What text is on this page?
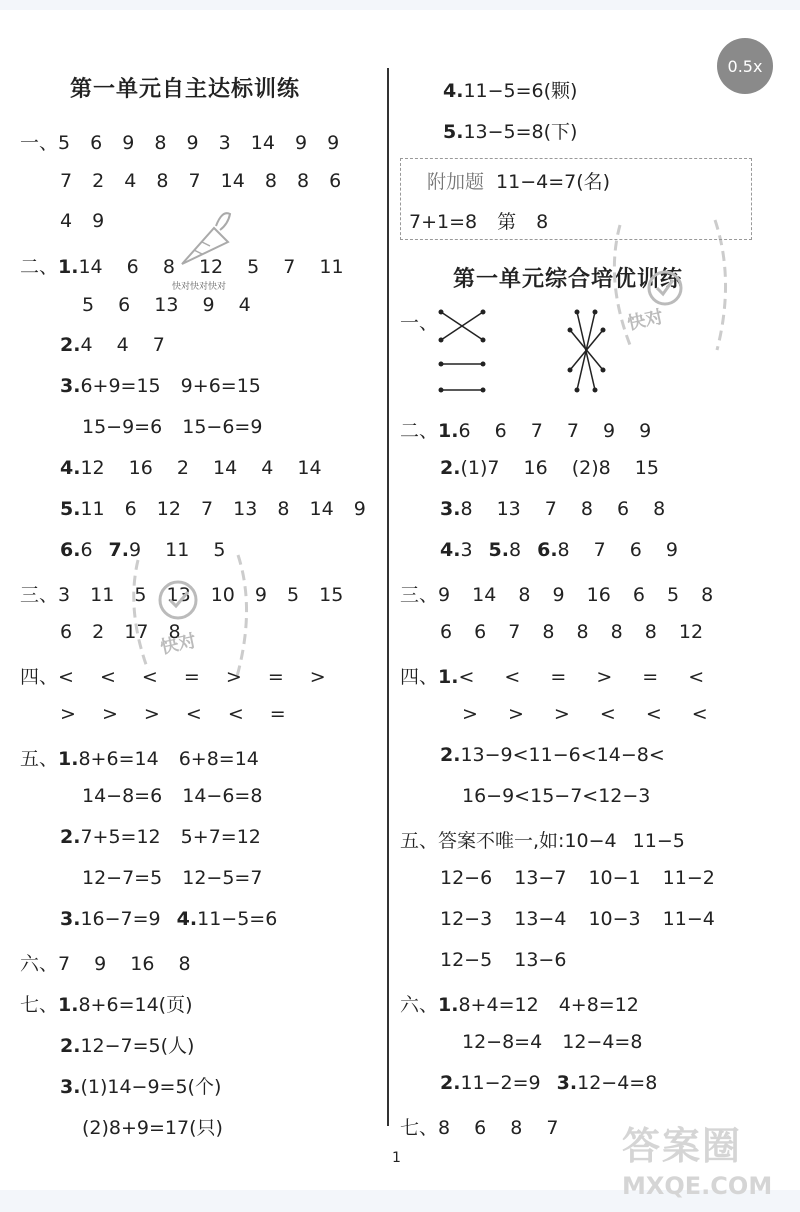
0.5x
第一单元自主达标训练
一、5 6 9 8 9 3 14 9 9
7 2 4 8 7 14 8 8 6
4 9
二、1.14 6 8 12 5 7 11
5 6 13 9 4
2.4 4 7
3.6+9=15 9+6=15
15−9=6 15−6=9
4.12 16 2 14 4 14
5.11 6 12 7 13 8 14 9
6.6 7.9 11 5
三、3 11 5 13 10 9 5 15
6 2 17 8
四、< < < = > = >
> > > < < =
五、1.8+6=14 6+8=14
14−8=6 14−6=8
2.7+5=12 5+7=12
12−7=5 12−5=7
3.16−7=9 4.11−5=6
六、7 9 16 8
七、1.8+6=14(页)
2.12−7=5(人)
3.(1)14−9=5(个)
(2)8+9=17(只)
快对快对快对
快对
4.11−5=6(颗)
5.13−5=8(下)
第一单元综合培优训练
一、
二、1.6 6 7 7 9 9
2.(1)7 16 (2)8 15
3.8 13 7 8 6 8
4.3 5.8 6.8 7 6 9
三、9 14 8 9 16 6 5 8
6 6 7 8 8 8 8 12
四、1.< < = > = <
> > > < < <
2.13−9<11−6<14−8<
16−9<15−7<12−3
五、答案不唯一,如:10−4 11−5
12−6 13−7 10−1 11−2
12−3 13−4 10−3 11−4
12−5 13−6
六、1.8+4=12 4+8=12
12−8=4 12−4=8
2.11−2=9 3.12−4=8
七、8 6 8 7
快对
附加题 11−4=7(名)
7+1=8 第 8
1	答案圈
MXQE.COM
